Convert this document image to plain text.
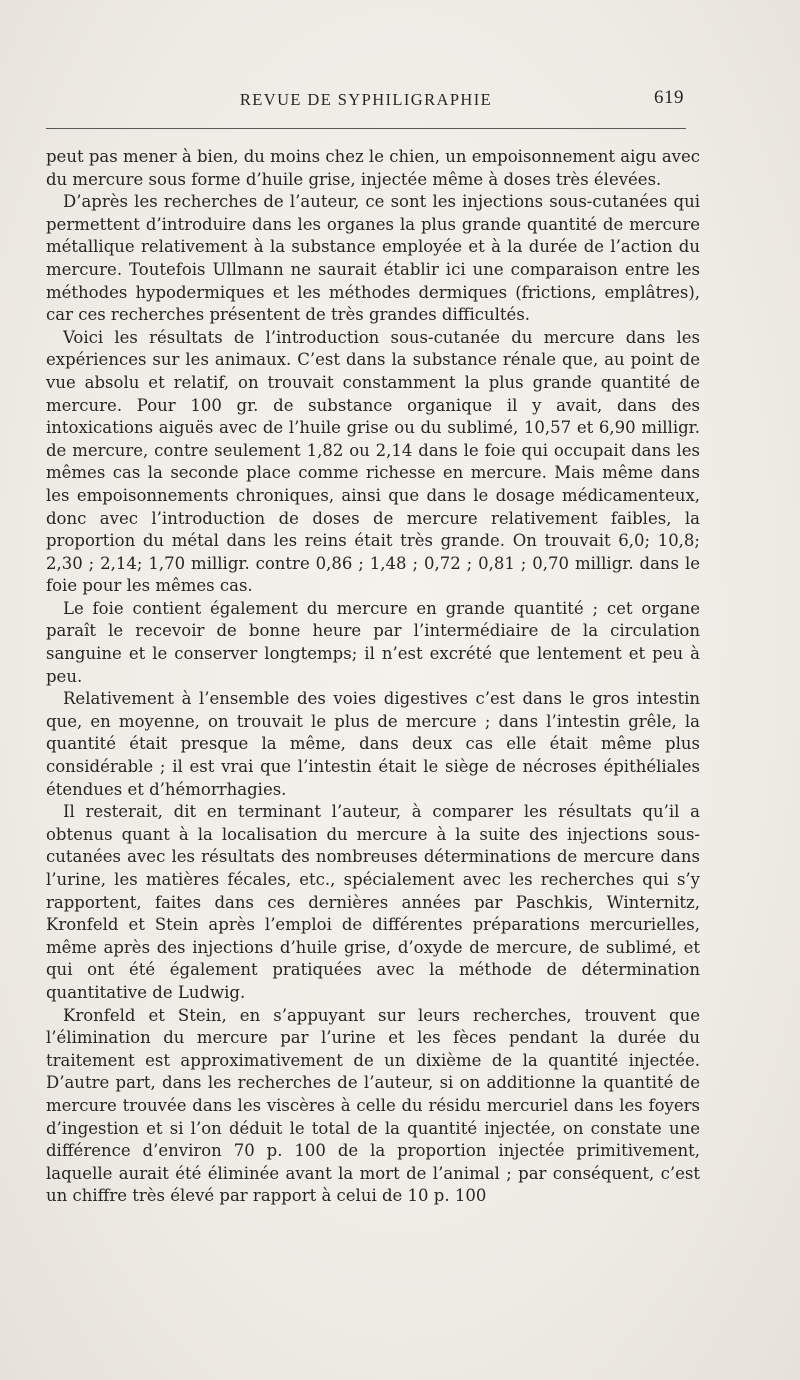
REVUE DE SYPHILIGRAPHIE	619

peut pas mener à bien, du moins chez le chien, un empoisonnement aigu avec du mercure sous forme d’huile grise, injectée même à doses très élevées.

D’après les recherches de l’auteur, ce sont les injections sous-cutanées qui permettent d’introduire dans les organes la plus grande quantité de mercure métallique relativement à la substance employée et à la durée de l’action du mercure. Toutefois Ullmann ne saurait établir ici une comparaison entre les méthodes hypodermiques et les méthodes dermiques (frictions, emplâtres), car ces recherches présentent de très grandes difficultés.

Voici les résultats de l’introduction sous-cutanée du mercure dans les expériences sur les animaux. C’est dans la substance rénale que, au point de vue absolu et relatif, on trouvait constamment la plus grande quantité de mercure. Pour 100 gr. de substance organique il y avait, dans des intoxications aiguës avec de l’huile grise ou du sublimé, 10,57 et 6,90 milligr. de mercure, contre seulement 1,82 ou 2,14 dans le foie qui occupait dans les mêmes cas la seconde place comme richesse en mercure. Mais même dans les empoisonnements chroniques, ainsi que dans le dosage médicamenteux, donc avec l’introduction de doses de mercure relativement faibles, la proportion du métal dans les reins était très grande. On trouvait 6,0; 10,8; 2,30 ; 2,14; 1,70 milligr. contre 0,86 ; 1,48 ; 0,72 ; 0,81 ; 0,70 milligr. dans le foie pour les mêmes cas.

Le foie contient également du mercure en grande quantité ; cet organe paraît le recevoir de bonne heure par l’intermédiaire de la circulation sanguine et le conserver longtemps; il n’est excrété que lentement et peu à peu.

Relativement à l’ensemble des voies digestives c’est dans le gros intestin que, en moyenne, on trouvait le plus de mercure ; dans l’intestin grêle, la quantité était presque la même, dans deux cas elle était même plus considérable ; il est vrai que l’intestin était le siège de nécroses épithéliales étendues et d’hémorrhagies.

Il resterait, dit en terminant l’auteur, à comparer les résultats qu’il a obtenus quant à la localisation du mercure à la suite des injections sous-cutanées avec les résultats des nombreuses déterminations de mercure dans l’urine, les matières fécales, etc., spécialement avec les recherches qui s’y rapportent, faites dans ces dernières années par Paschkis, Winternitz, Kronfeld et Stein après l’emploi de différentes préparations mercurielles, même après des injections d’huile grise, d’oxyde de mercure, de sublimé, et qui ont été également pratiquées avec la méthode de détermination quantitative de Ludwig.

Kronfeld et Stein, en s’appuyant sur leurs recherches, trouvent que l’élimination du mercure par l’urine et les fèces pendant la durée du traitement est approximativement de un dixième de la quantité injectée. D’autre part, dans les recherches de l’auteur, si on additionne la quantité de mercure trouvée dans les viscères à celle du résidu mercuriel dans les foyers d’ingestion et si l’on déduit le total de la quantité injectée, on constate une différence d’environ 70 p. 100 de la proportion injectée primitivement, laquelle aurait été éliminée avant la mort de l’animal ; par conséquent, c’est un chiffre très élevé par rapport à celui de 10 p. 100
